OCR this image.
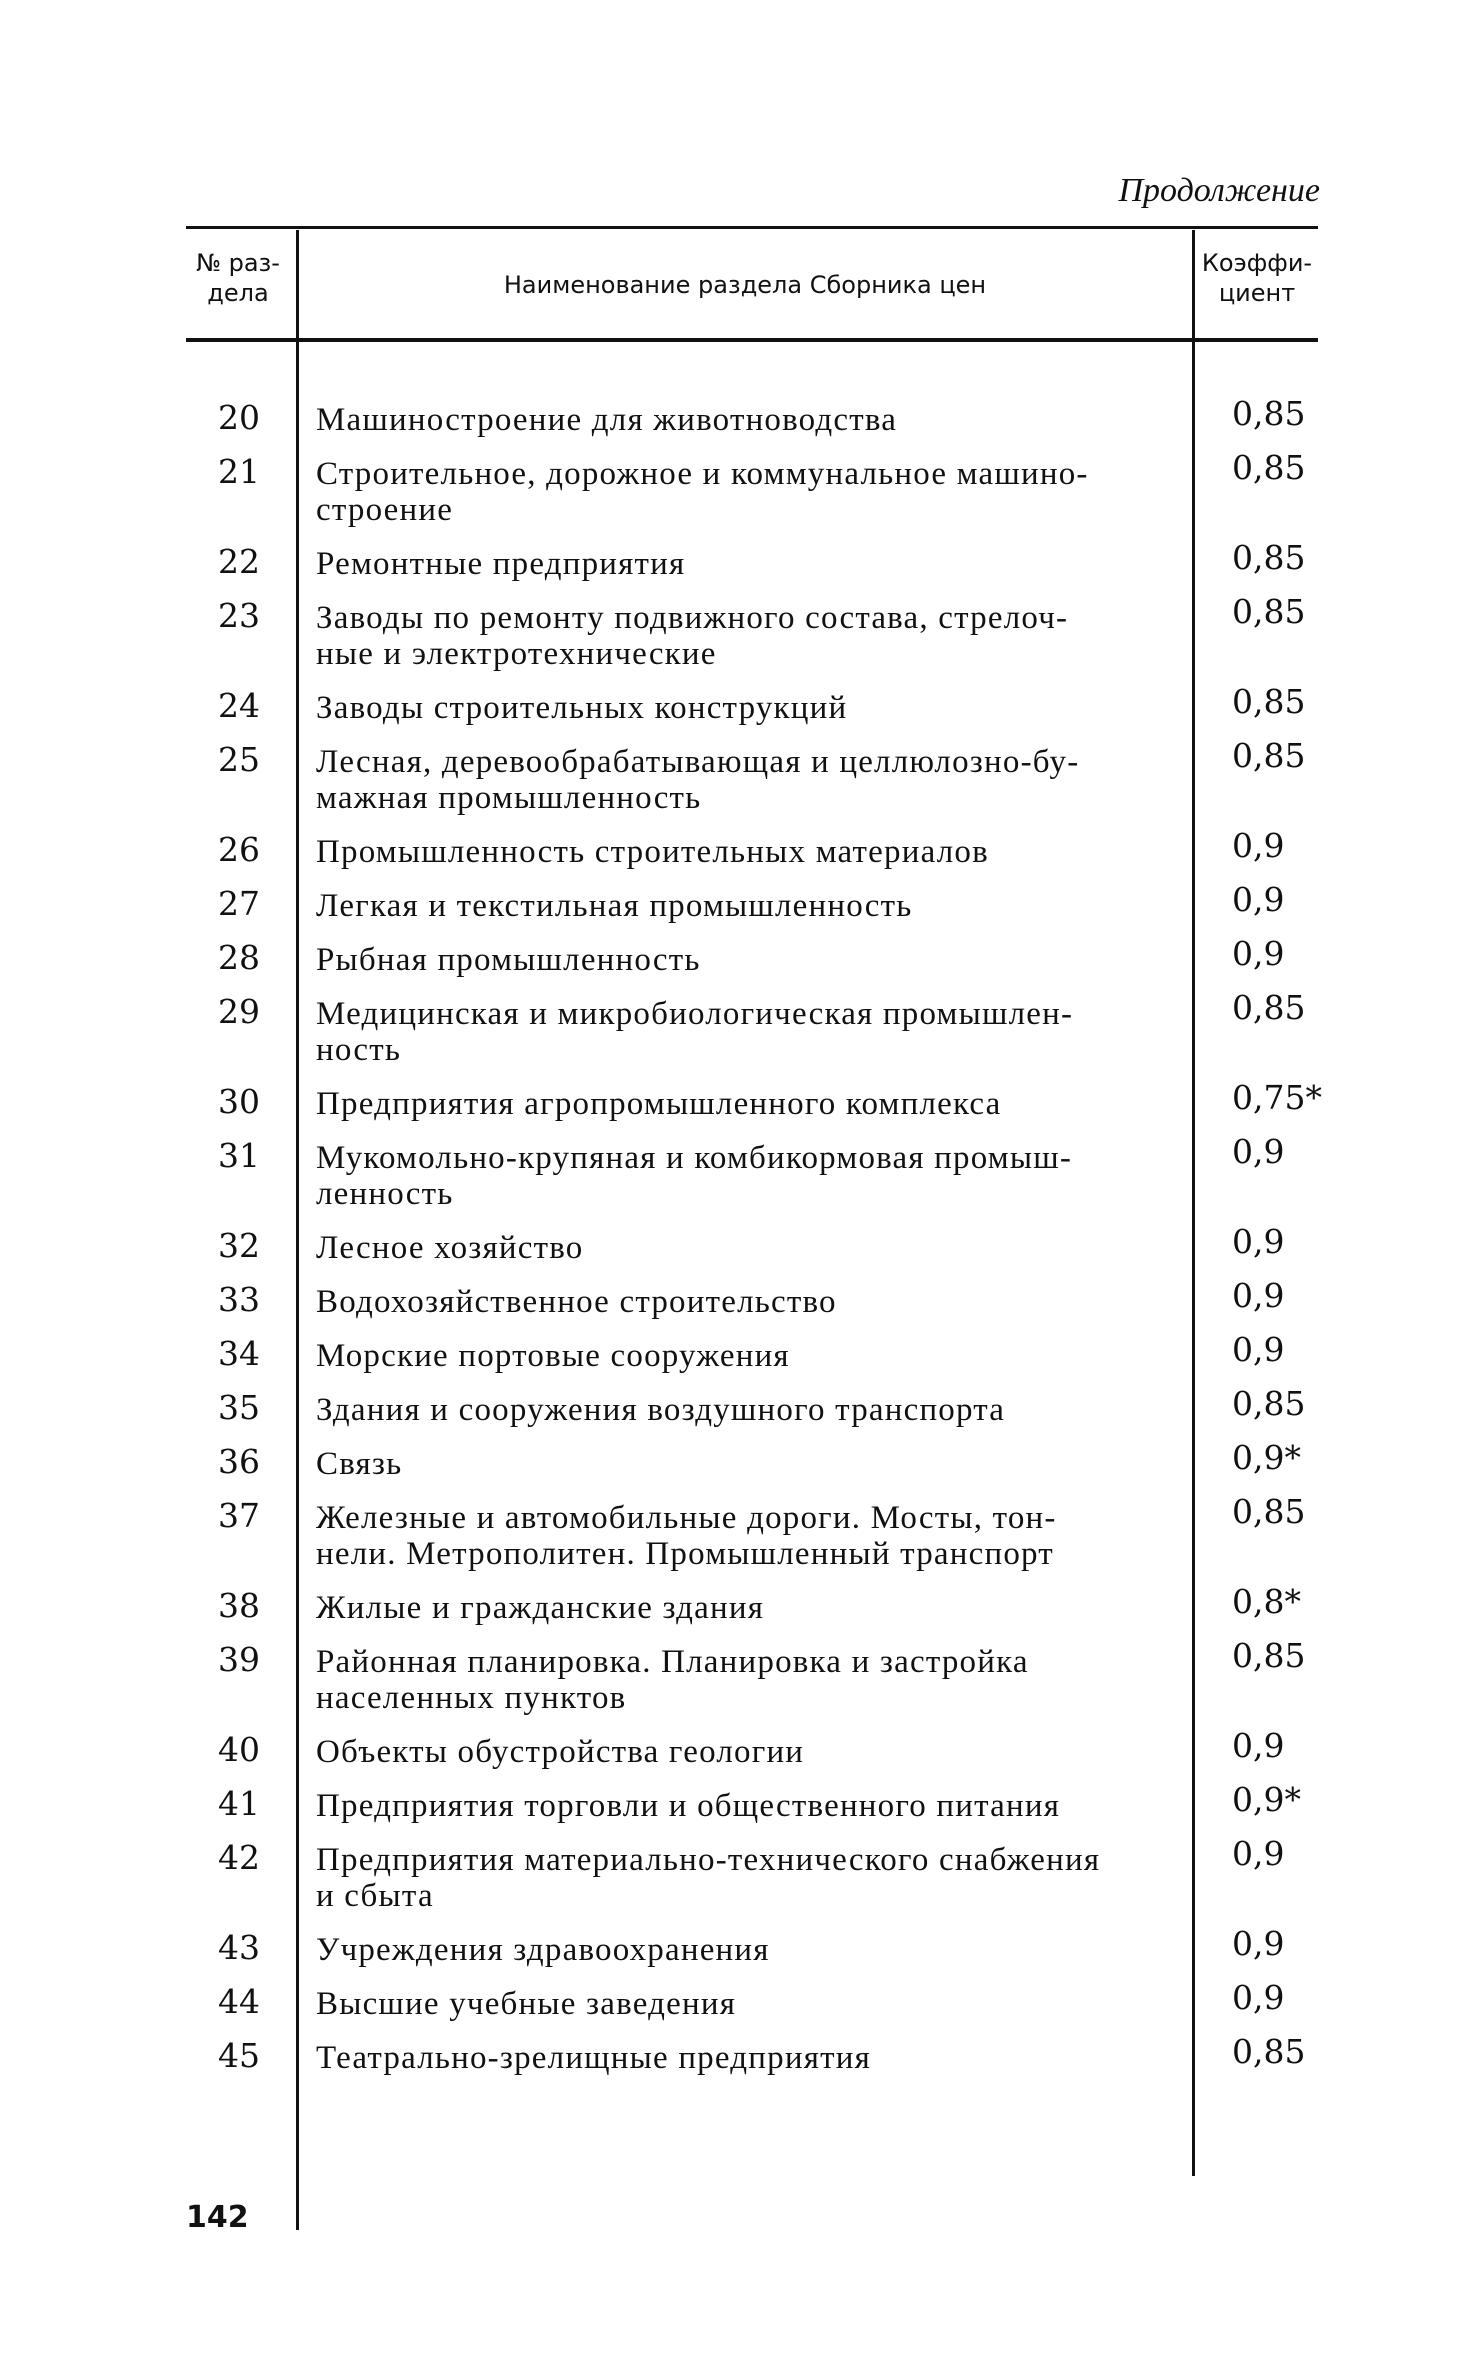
Продолжение
№ раз-
дела	Наименование раздела Сборника цен
Коэффи-
циент
20 Машиностроение для животноводства	0,85
21 Строительное, дорожное и коммунальное машино-
строение
0,85
22 Ремонтные предприятия	0,85
23 Заводы по ремонту подвижного состава, стрелоч-
ные и электротехнические
0,85
24 Заводы строительных конструкций	0,85
25 Лесная, деревообрабатывающая и целлюлозно-бу-
мажная промышленность
0,85
26 Промышленность строительных материалов	0,9
27 Легкая и текстильная промышленность	0,9
28 Рыбная промышленность	0,9
29 Медицинская и микробиологическая промышлен-
ность
0,85
30 Предприятия агропромышленного комплекса	0,75*
31 Мукомольно-крупяная и комбикормовая промыш-
ленность
0,9
32 Лесное хозяйство	0,9
33 Водохозяйственное строительство	0,9
34 Морские портовые сооружения	0,9
35 Здания и сооружения воздушного транспорта	0,85
36 Связь	0,9*
37 Железные и автомобильные дороги. Мосты, тон-
нели. Метрополитен. Промышленный транспорт
0,85
38 Жилые и гражданские здания	0,8*
39 Районная планировка. Планировка и застройка
населенных пунктов
0,85
40 Объекты обустройства геологии	0,9
41 Предприятия торговли и общественного питания	0,9*
42 Предприятия материально-технического снабжения
и сбыта
0,9
43 Учреждения здравоохранения	0,9
44 Высшие учебные заведения	0,9
45 Театрально-зрелищные предприятия	0,85
142
